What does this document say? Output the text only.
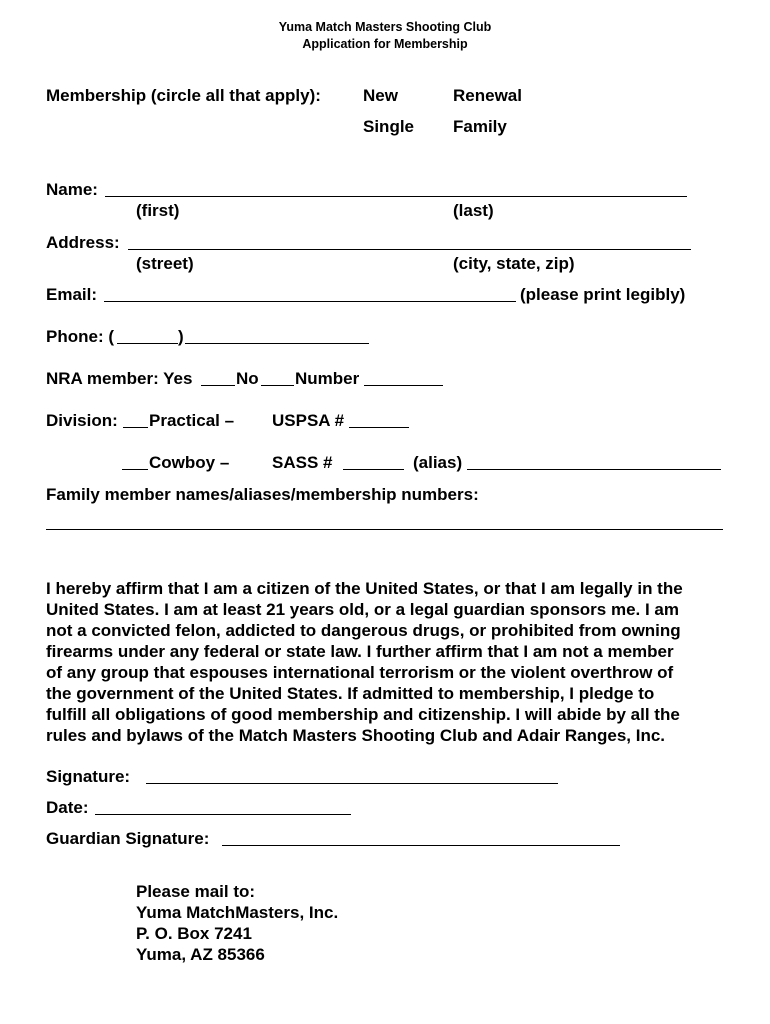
Yuma Match Masters Shooting Club
Application for Membership
Membership (circle all that apply): New	Renewal
Single Family
Name:
(first)	(last)
Address:
(street)	(city, state, zip)
Email:	(please print legibly)
Phone: (	)
NRA member: Yes	No Number
Division: Practical – USPSA #
Cowboy –	SASS #	(alias)
Family member names/aliases/membership numbers:
I hereby affirm that I am a citizen of the United States, or that I am legally in the
United States. I am at least 21 years old, or a legal guardian sponsors me. I am
not a convicted felon, addicted to dangerous drugs, or prohibited from owning
firearms under any federal or state law. I further affirm that I am not a member
of any group that espouses international terrorism or the violent overthrow of
the government of the United States. If admitted to membership, I pledge to
fulfill all obligations of good membership and citizenship. I will abide by all the
rules and bylaws of the Match Masters Shooting Club and Adair Ranges, Inc.
Signature:
Date:
Guardian Signature:
Please mail to:
Yuma MatchMasters, Inc.
P. O. Box 7241
Yuma, AZ 85366
